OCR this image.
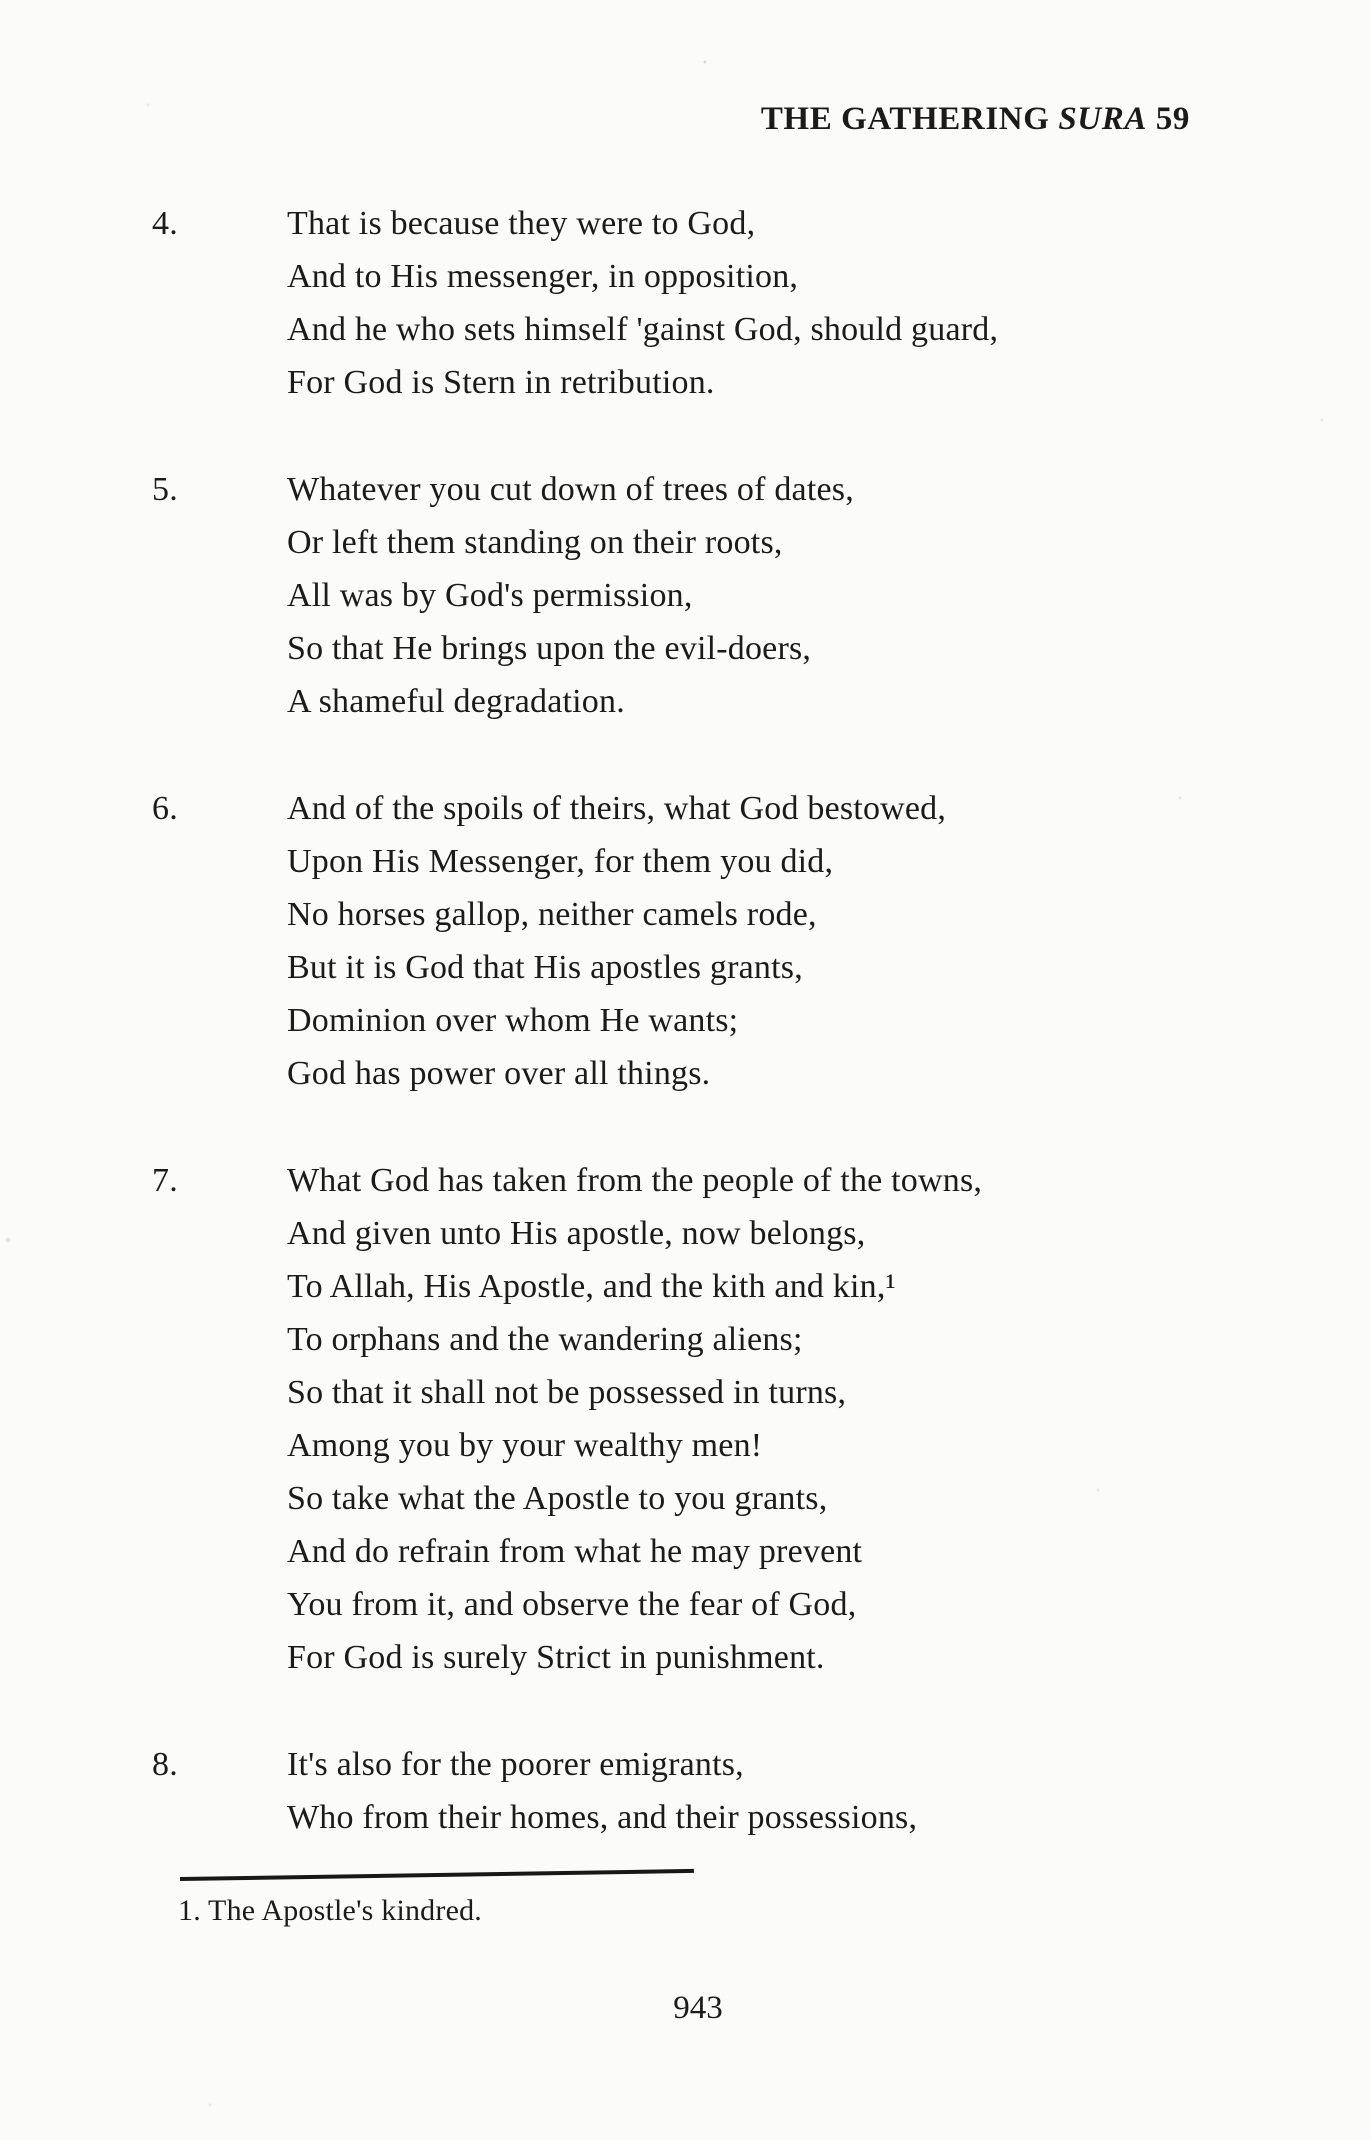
THE GATHERING SURA 59
4.	That is because they were to God,
And to His messenger, in opposition,
And he who sets himself 'gainst God, should guard,
For God is Stern in retribution.
5.	Whatever you cut down of trees of dates,
Or left them standing on their roots,
All was by God's permission,
So that He brings upon the evil-doers,
A shameful degradation.
6.	And of the spoils of theirs, what God bestowed,
Upon His Messenger, for them you did,
No horses gallop, neither camels rode,
But it is God that His apostles grants,
Dominion over whom He wants;
God has power over all things.
7.	What God has taken from the people of the towns,
And given unto His apostle, now belongs,
To Allah, His Apostle, and the kith and kin,¹
To orphans and the wandering aliens;
So that it shall not be possessed in turns,
Among you by your wealthy men!
So take what the Apostle to you grants,
And do refrain from what he may prevent
You from it, and observe the fear of God,
For God is surely Strict in punishment.
8.	It's also for the poorer emigrants,
Who from their homes, and their possessions,
1. The Apostle's kindred.
943
